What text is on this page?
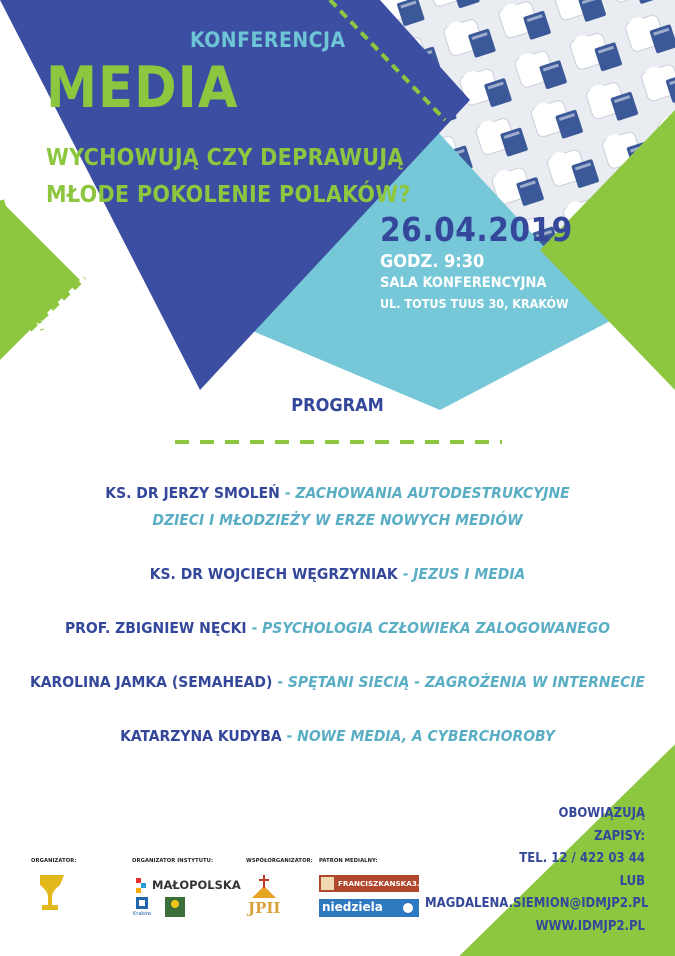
KONFERENCJA
MEDIA
WYCHOWUJĄ CZY DEPRAWUJĄ
MŁODE POKOLENIE POLAKÓW?
26.04.2019
GODZ. 9:30
SALA KONFERENCYJNA
UL. TOTUS TUUS 30, KRAKÓW
PROGRAM
KS. DR JERZY SMOLEŃ - ZACHOWANIA AUTODESTRUKCYJNE
DZIECI I MŁODZIEŻY W ERZE NOWYCH MEDIÓW
KS. DR WOJCIECH WĘGRZYNIAK - JEZUS I MEDIA
PROF. ZBIGNIEW NĘCKI - PSYCHOLOGIA CZŁOWIEKA ZALOGOWANEGO
KAROLINA JAMKA (SEMAHEAD) - SPĘTANI SIECIĄ - ZAGROŻENIA W INTERNECIE
KATARZYNA KUDYBA - NOWE MEDIA, A CYBERCHOROBY
OBOWIĄZUJĄ
ZAPISY:
TEL. 12 / 422 03 44
LUB
MAGDALENA.SIEMION@IDMJP2.PL
WWW.IDMJP2.PL
ORGANIZATOR:	ORGANIZATOR INSTYTUTU:	WSPÓŁORGANIZATOR: PATRON MEDIALNY:
MAŁOPOLSKA
Kraków
FRANCISZKANSKA3.PL
niedziela
JPII
